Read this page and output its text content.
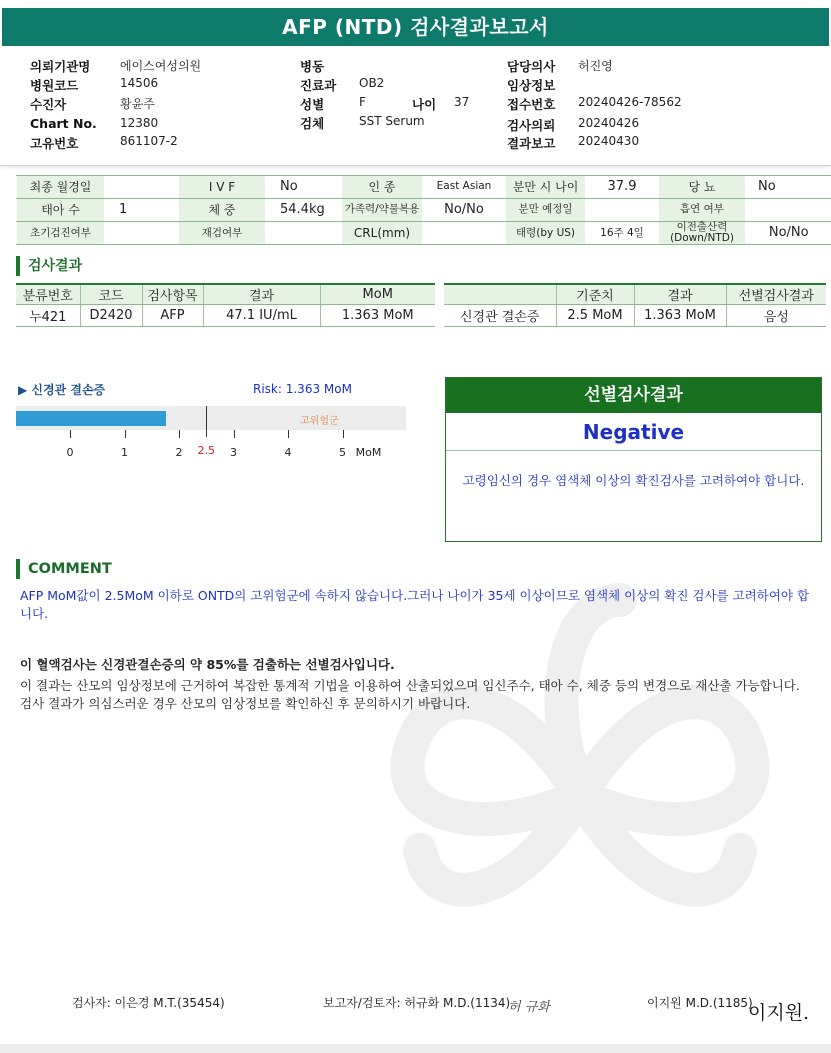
AFP (NTD) 검사결과보고서
의뢰기관명 에이스여성의원
병원코드	14506
수진자	황윤주
Chart No. 12380
고유번호	861107-2
병동
진료과 OB2
성별	F	나이 37
검체	SST Serum
담당의사 허진영
임상정보
접수번호 20240426-78562
검사의뢰 20240426
결과보고 20240430
최종 월경일		I V F	No	인 종	East Asian	분만 시 나이	37.9	당 뇨	No
태아 수	1	체 중	54.4kg	가족력/약물복용	No/No	분만 예정일		흡연 여부	
초기검진여부		재검여부		CRL(mm)		태령(by US)	16주 4일	이전출산력 (Down/NTD)	No/No
검사결과
분류번호	코드	검사항목	결과	MoM
누421	D2420	AFP	47.1 IU/mL	1.363 MoM
	기준치	결과	선별검사결과
신경관 결손증	2.5 MoM	1.363 MoM	음성
▶ 신경관 결손증	Risk: 1.363 MoM
고위험군
0	1	2	3	4	5
2.5	MoM
선별검사결과
Negative
고령임신의 경우 염색체 이상의 확진검사를 고려하여야 합니다.
COMMENT
AFP MoM값이 2.5MoM 이하로 ONTD의 고위험군에 속하지 않습니다.그러나 나이가 35세 이상이므로 염색체 이상의 확진 검사를 고려하여야 합니다.
이 혈액검사는 신경관결손증의 약 85%를 검출하는 선별검사입니다.
이 결과는 산모의 임상정보에 근거하여 복잡한 통계적 기법을 이용하여 산출되었으며 임신주수, 태아 수, 체중 등의 변경으로 재산출 가능합니다. 검사 결과가 의심스러운 경우 산모의 임상정보를 확인하신 후 문의하시기 바랍니다.
검사자: 이은경 M.T.(35454)	보고자/검토자: 허규화 M.D.(1134)
허 규화	이지원 M.D.(1185)
이지원.
